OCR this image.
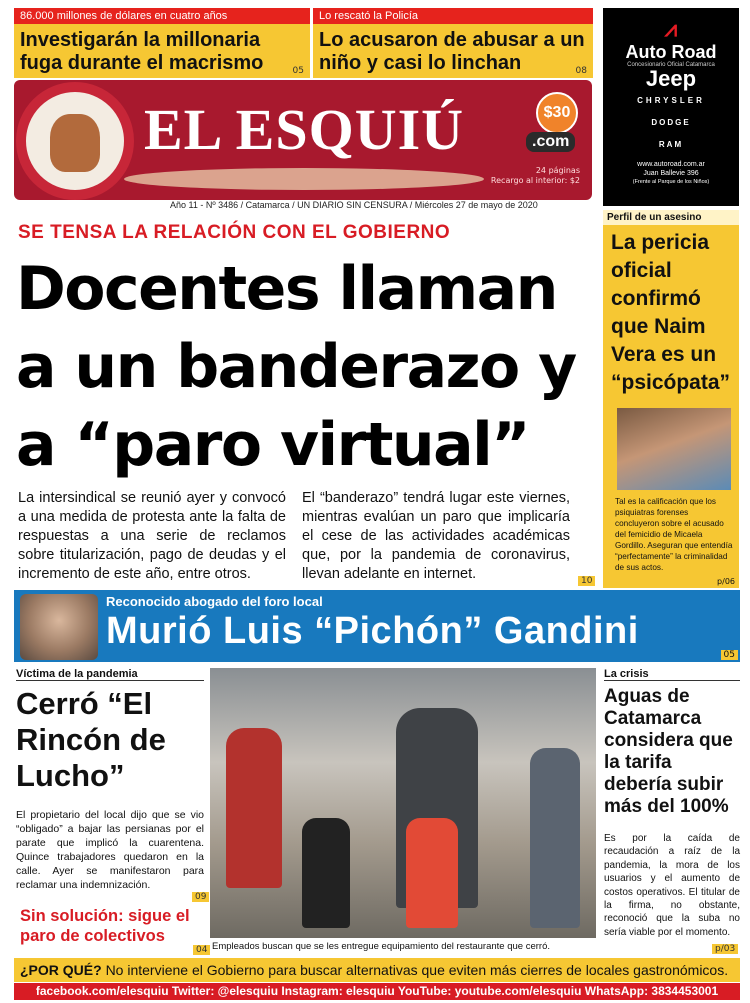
86.000 millones de dólares en cuatro años
Investigarán la millonaria fuga durante el macrismo	05
Lo rescató la Policía
Lo acusaron de abusar a un niño y casi lo linchan	08
EL ESQUIÚ	$30
.com
24 páginas
Recargo al interior: $2
Año 11 - Nº 3486 / Catamarca / UN DIARIO SIN CENSURA / Miércoles 27 de mayo de 2020
⩘
Auto Road
Concesionario Oficial Catamarca
Jeep
CHRYSLER
DODGE
RAM
www.autoroad.com.ar
Juan Ballevie 396
(Frente al Parque de los Niños)
SE TENSA LA RELACIÓN CON EL GOBIERNO
Docentes llaman a un banderazo y a “paro virtual”
La intersindical se reunió ayer y convocó a una medida de protesta ante la falta de respuestas a una serie de reclamos sobre titularización, pago de deudas y el incremento de este año, entre otros.
El “banderazo” tendrá lugar este viernes, mientras evalúan un paro que implicaría el cese de las actividades académicas que, por la pandemia de coronavirus, llevan adelante en internet.	10
Perfil de un asesino
La pericia oficial confirmó que Naim Vera es un “psicópata”
Tal es la calificación que los psiquiatras forenses concluyeron sobre el acusado del femicidio de Micaela Gordillo. Aseguran que entendía “perfectamente” la criminalidad de sus actos.
p/06
Reconocido abogado del foro local
Murió Luis “Pichón” Gandini
05
Víctima de la pandemia
Cerró “El Rincón de Lucho”
El propietario del local dijo que se vio “obligado” a bajar las persianas por el parate que implicó la cuarentena. Quince trabajadores quedaron en la calle. Ayer se manifestaron para reclamar una indemnización.
09
Sin solución: sigue el paro de colectivos
04 Empleados buscan que se les entregue equipamiento del restaurante que cerró.
La crisis
Aguas de Catamarca considera que la tarifa debería subir más del 100%
Es por la caída de recaudación a raíz de la pandemia, la mora de los usuarios y el aumento de costos operativos. El titular de la firma, no obstante, reconoció que la suba no sería viable por el momento.
p/03
¿POR QUÉ? No interviene el Gobierno para buscar alternativas que eviten más cierres de locales gastronómicos.
facebook.com/elesquiu Twitter: @elesquiu Instagram: elesquiu YouTube: youtube.com/elesquiu WhatsApp: 3834453001
